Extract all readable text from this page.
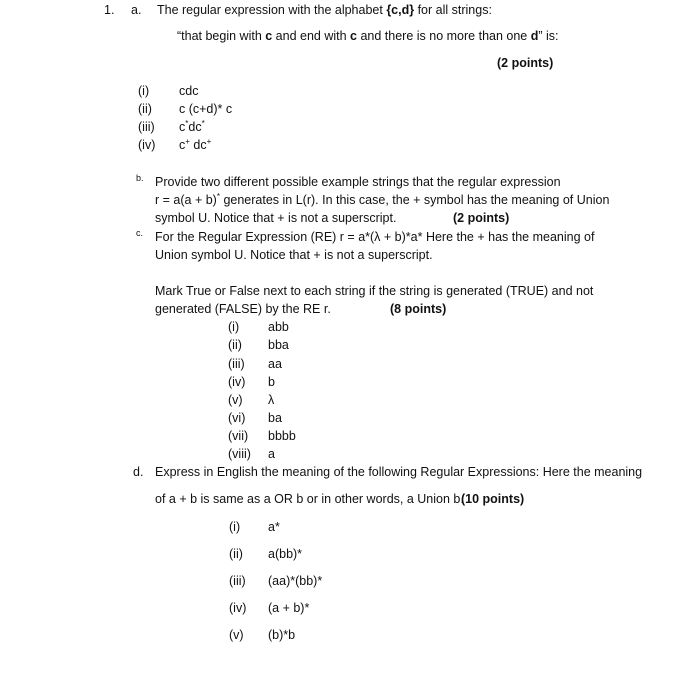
1. a. The regular expression with the alphabet {c,d} for all strings:
“that begin with c and end with c and there is no more than one d” is:
(2 points)
(i) cdc
(ii) c (c+d)* c
(iii) c*dc*
(iv) c+ dc+
b. Provide two different possible example strings that the regular expression
r = a(a + b)* generates in L(r). In this case, the + symbol has the meaning of Union
symbol U. Notice that + is not a superscript.	(2 points)
c. For the Regular Expression (RE) r = a*(λ + b)*a* Here the + has the meaning of
Union symbol U. Notice that + is not a superscript.
Mark True or False next to each string if the string is generated (TRUE) and not
generated (FALSE) by the RE r.	(8 points)
(i) abb
(ii) bba
(iii) aa
(iv) b
(v) λ
(vi) ba
(vii) bbbb
(viii) a
d. Express in English the meaning of the following Regular Expressions: Here the meaning
of a + b is same as a OR b or in other words, a Union b.
(10 points)
(i) a*
(ii) a(bb)*
(iii) (aa)*(bb)*
(iv) (a + b)*
(v) (b)*b
